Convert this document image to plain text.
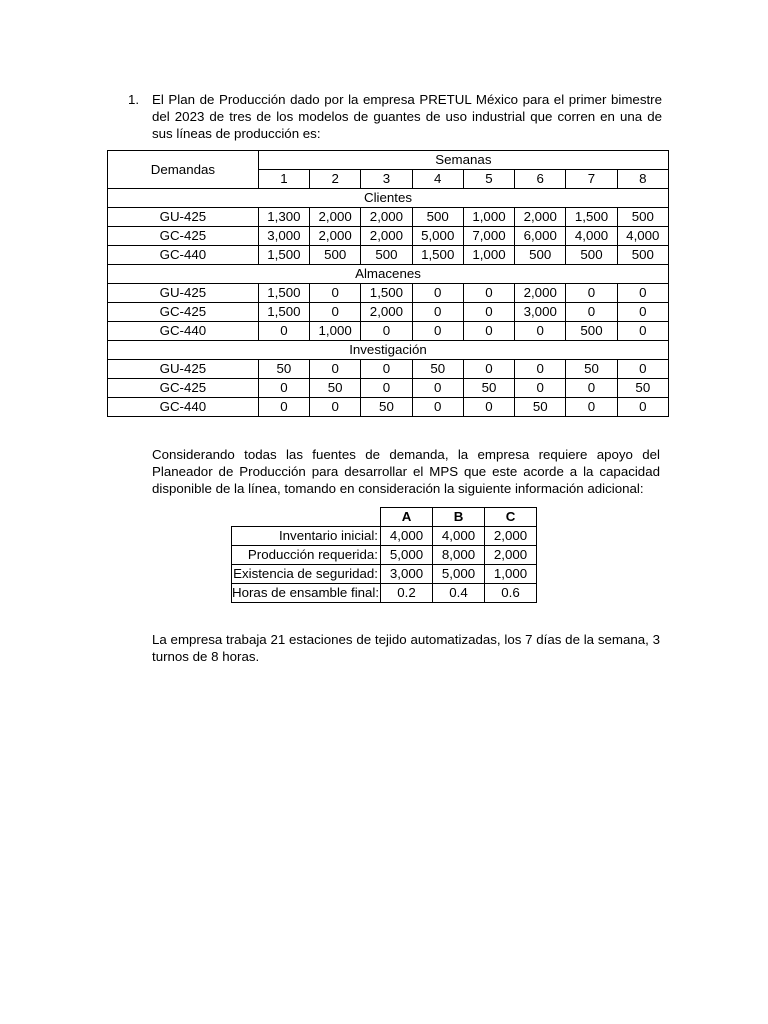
1. El Plan de Producción dado por la empresa PRETUL México para el primer bimestre del 2023 de tres de los modelos de guantes de uso industrial que corren en una de sus líneas de producción es:
Demandas	Semanas							
	1	2	3	4	5	6	7	8
Clientes								
GU-425	1,300	2,000	2,000	500	1,000	2,000	1,500	500
GC-425	3,000	2,000	2,000	5,000	7,000	6,000	4,000	4,000
GC-440	1,500	500	500	1,500	1,000	500	500	500
Almacenes								
GU-425	1,500	0	1,500	0	0	2,000	0	0
GC-425	1,500	0	2,000	0	0	3,000	0	0
GC-440	0	1,000	0	0	0	0	500	0
Investigación								
GU-425	50	0	0	50	0	0	50	0
GC-425	0	50	0	0	50	0	0	50
GC-440	0	0	50	0	0	50	0	0
Considerando todas las fuentes de demanda, la empresa requiere apoyo del Planeador de Producción para desarrollar el MPS que este acorde a la capacidad disponible de la línea, tomando en consideración la siguiente información adicional:
	A	B	C
Inventario inicial:	4,000	4,000	2,000
Producción requerida:	5,000	8,000	2,000
Existencia de seguridad:	3,000	5,000	1,000
Horas de ensamble final:	0.2	0.4	0.6
La empresa trabaja 21 estaciones de tejido automatizadas, los 7 días de la semana, 3 turnos de 8 horas.
